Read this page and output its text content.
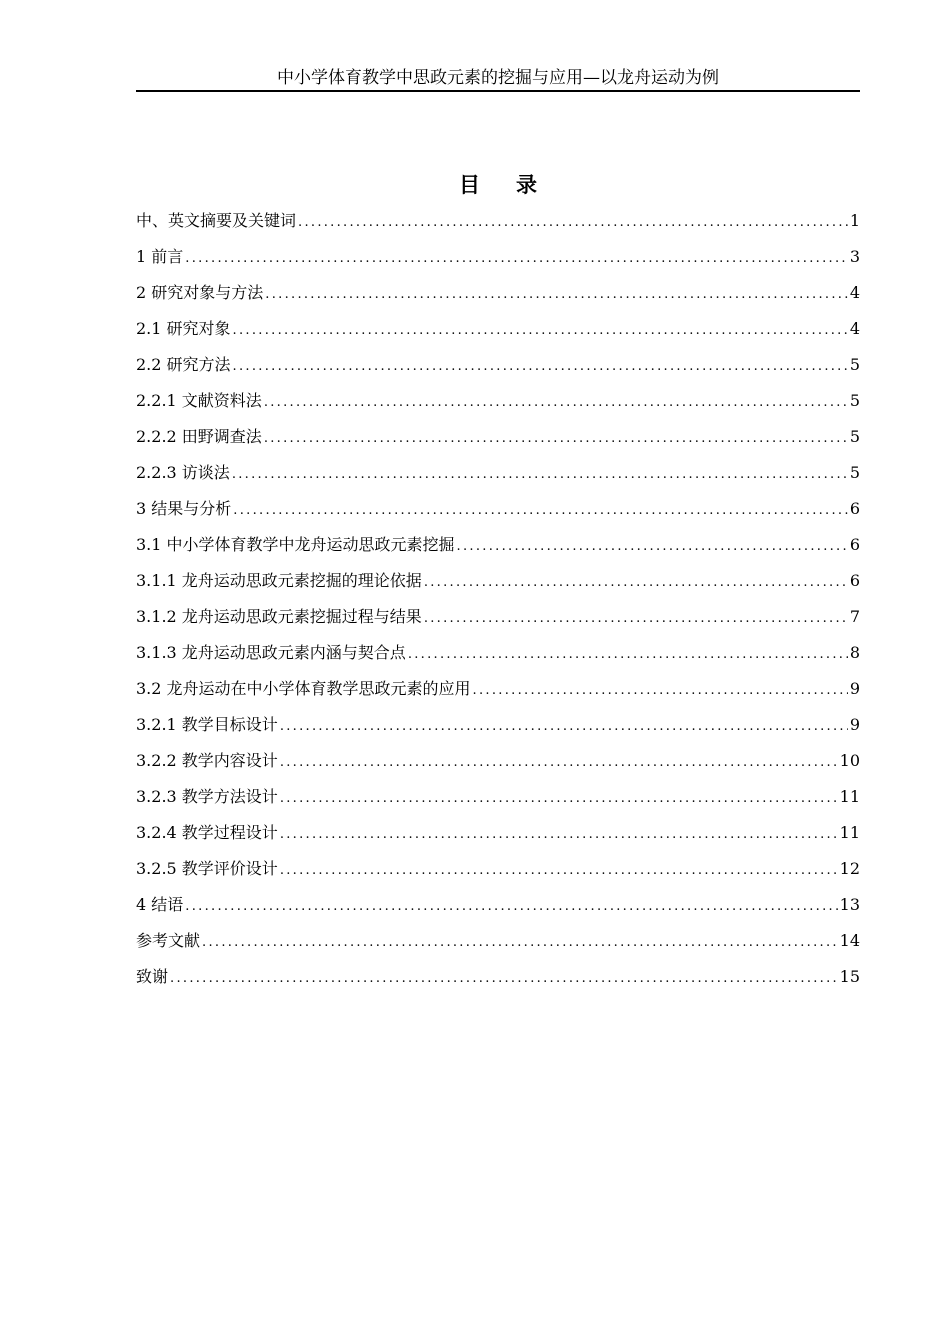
中小学体育教学中思政元素的挖掘与应用—以龙舟运动为例
目录
中、英文摘要及关键词 .....	1
1 前言 .....	3
2 研究对象与方法 .....	4
2.1 研究对象 .....	4
2.2 研究方法 .....	5
2.2.1 文献资料法 .....	5
2.2.2 田野调查法 .....	5
2.2.3 访谈法 .....	5
3 结果与分析 .....	6
3.1 中小学体育教学中龙舟运动思政元素挖掘 .....	6
3.1.1 龙舟运动思政元素挖掘的理论依据 .....	6
3.1.2 龙舟运动思政元素挖掘过程与结果 .....	7
3.1.3 龙舟运动思政元素内涵与契合点 .....	8
3.2 龙舟运动在中小学体育教学思政元素的应用 .....	9
3.2.1 教学目标设计 .....	9
3.2.2 教学内容设计 .....	10
3.2.3 教学方法设计 .....	11
3.2.4 教学过程设计 .....	11
3.2.5 教学评价设计 .....	12
4 结语 .....	13
参考文献 .....	14
致谢 .....	15
